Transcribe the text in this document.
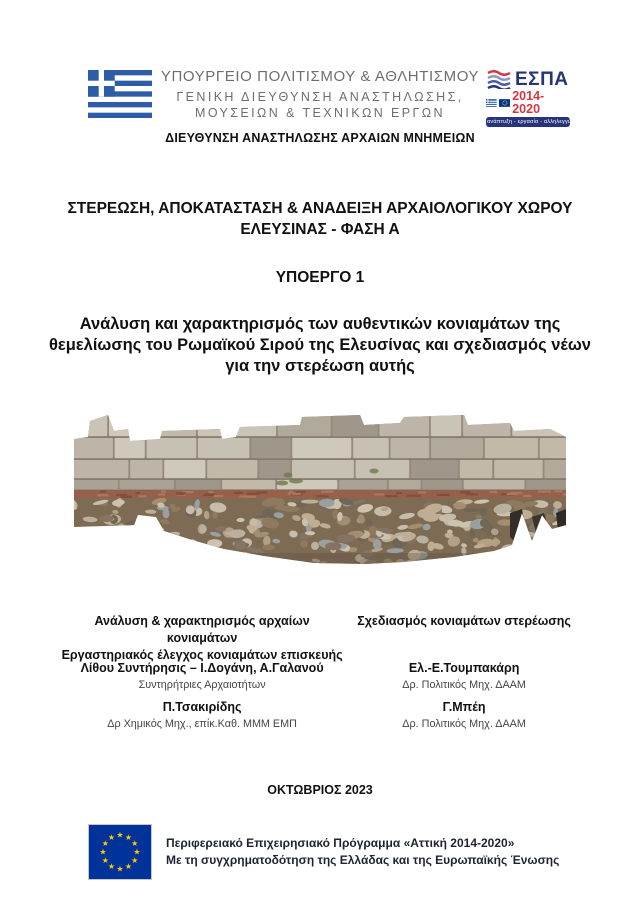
ΥΠΟΥΡΓΕΙΟ ΠΟΛΙΤΙΣΜΟΥ & ΑΘΛΗΤΙΣΜΟΥ
ΓΕΝΙΚΗ ΔΙΕΥΘΥΝΣΗ ΑΝΑΣΤΗΛΩΣΗΣ,
ΜΟΥΣΕΙΩΝ & ΤΕΧΝΙΚΩΝ ΕΡΓΩΝ
ΔΙΕΥΘΥΝΣΗ ΑΝΑΣΤΗΛΩΣΗΣ ΑΡΧΑΙΩΝ ΜΝΗΜΕΙΩΝ
ΕΣΠΑ
2014-2020
ανάπτυξη - εργασία - αλληλεγγύη
ΣΤΕΡΕΩΣΗ, ΑΠΟΚΑΤΑΣΤΑΣΗ & ΑΝΑΔΕΙΞΗ ΑΡΧΑΙΟΛΟΓΙΚΟΥ ΧΩΡΟΥ
ΕΛΕΥΣΙΝΑΣ - ΦΑΣΗ Α
ΥΠΟΕΡΓΟ 1
Ανάλυση και χαρακτηρισμός των αυθεντικών κονιαμάτων της
θεμελίωσης του Ρωμαϊκού Σιρού της Ελευσίνας και σχεδιασμός νέων
για την στερέωση αυτής
Ανάλυση & χαρακτηρισμός αρχαίων κονιαμάτων
Εργαστηριακός έλεγχος κονιαμάτων επισκευής
Λίθου Συντήρησις – Ι.Δογάνη, Α.Γαλανού
Συντηρήτριες Αρχαιοτήτων
Π.Τσακιρίδης
Δρ Χημικός Μηχ., επίκ.Καθ. ΜΜΜ ΕΜΠ
Σχεδιασμός κονιαμάτων στερέωσης
Ελ.-Ε.Τουμπακάρη
Δρ. Πολιτικός Μηχ. ΔΑΑΜ
Γ.Μπέη
Δρ. Πολιτικός Μηχ. ΔΑΑΜ
ΟΚΤΩΒΡΙΟΣ 2023
★ ★
★
★
★
★
★
★
★
★
★
★	Περιφερειακό Επιχειρησιακό Πρόγραμμα «Αττική 2014-2020»
Με τη συγχρηματοδότηση της Ελλάδας και της Ευρωπαϊκής Ένωσης
